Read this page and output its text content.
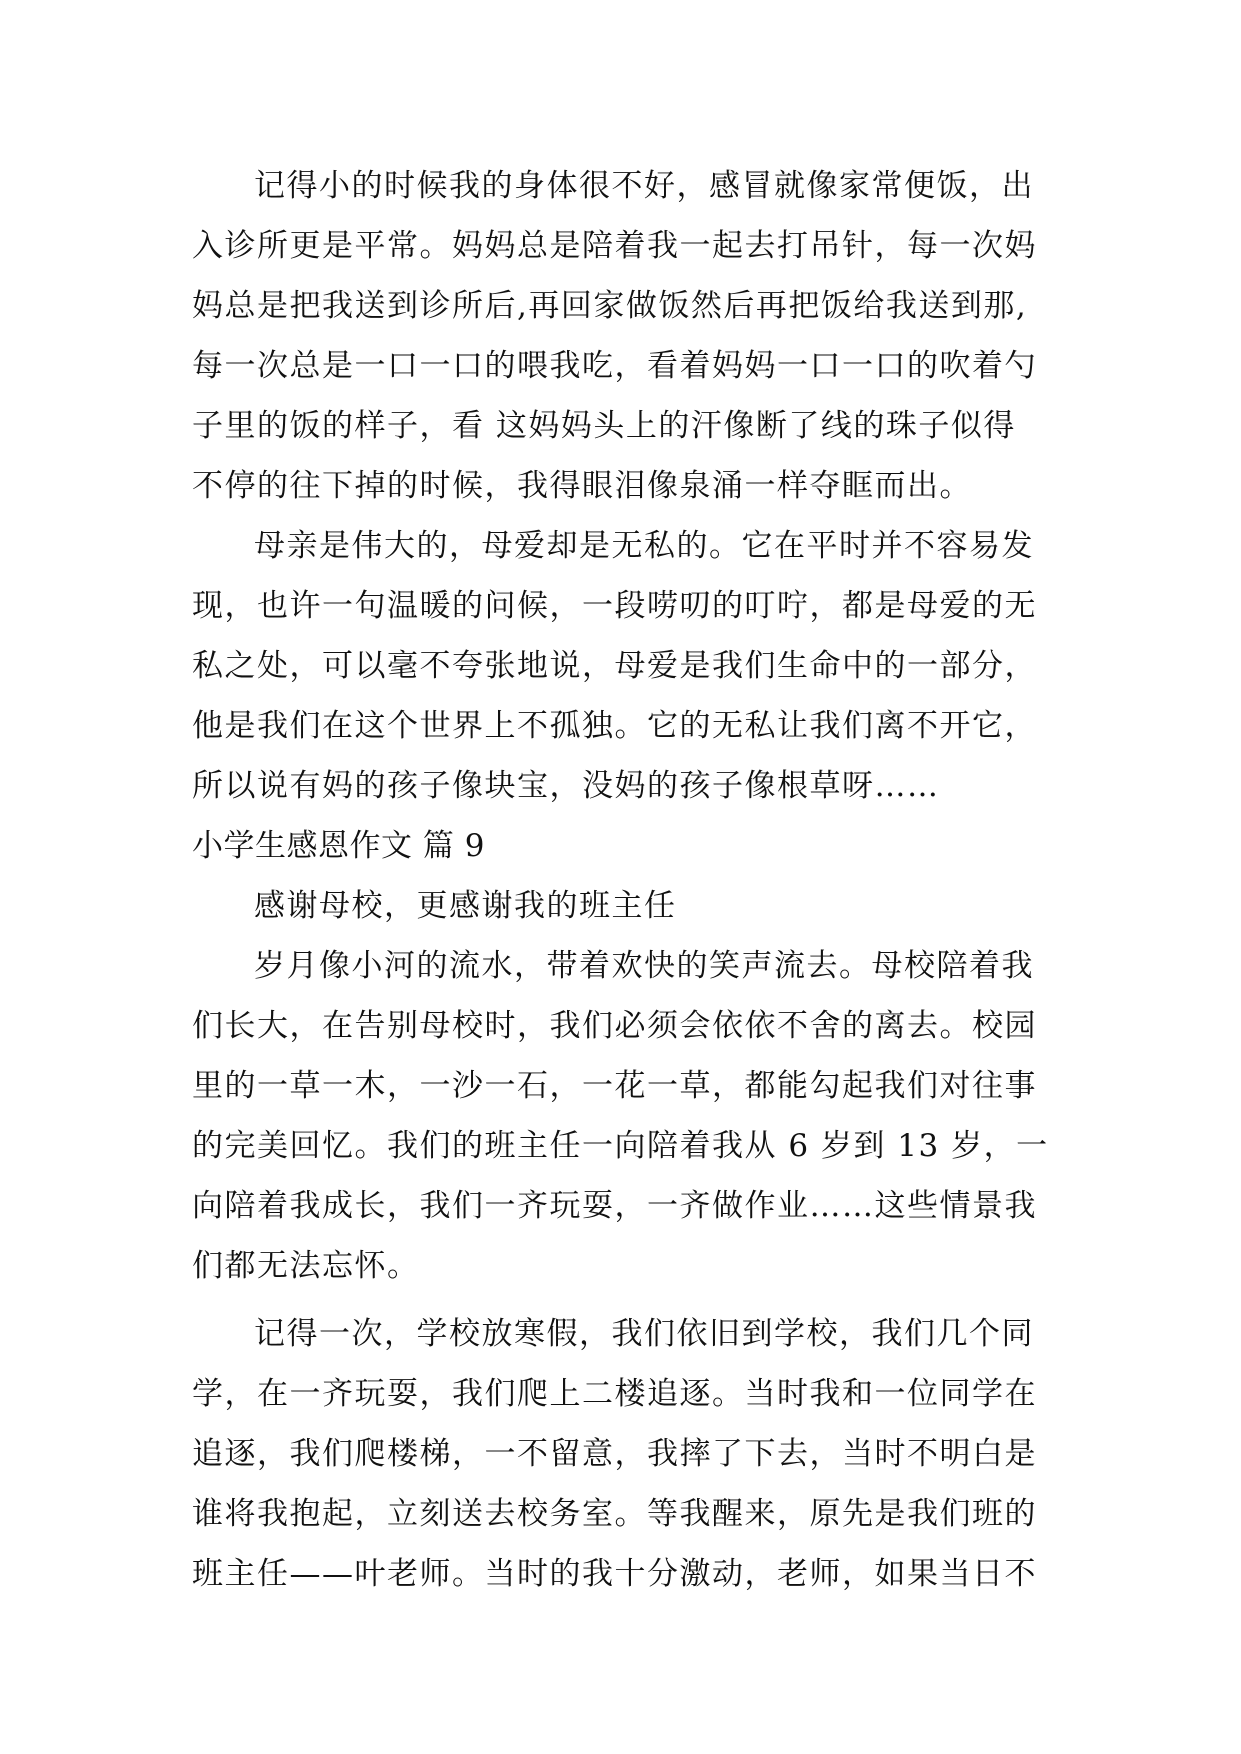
记得小的时候我的身体很不好，感冒就像家常便饭，出
入诊所更是平常。妈妈总是陪着我一起去打吊针，每一次妈
妈总是把我送到诊所后,再回家做饭然后再把饭给我送到那,
每一次总是一口一口的喂我吃，看着妈妈一口一口的吹着勺
子里的饭的样子，看 这妈妈头上的汗像断了线的珠子似得
不停的往下掉的时候，我得眼泪像泉涌一样夺眶而出。
母亲是伟大的，母爱却是无私的。它在平时并不容易发
现，也许一句温暖的问候，一段唠叨的叮咛，都是母爱的无
私之处，可以毫不夸张地说，母爱是我们生命中的一部分，
他是我们在这个世界上不孤独。它的无私让我们离不开它，
所以说有妈的孩子像块宝，没妈的孩子像根草呀……
小学生感恩作文 篇 9
感谢母校，更感谢我的班主任
岁月像小河的流水，带着欢快的笑声流去。母校陪着我
们长大，在告别母校时，我们必须会依依不舍的离去。校园
里的一草一木，一沙一石，一花一草，都能勾起我们对往事
的完美回忆。我们的班主任一向陪着我从 6 岁到 13 岁，一
向陪着我成长，我们一齐玩耍，一齐做作业……这些情景我
们都无法忘怀。
记得一次，学校放寒假，我们依旧到学校，我们几个同
学，在一齐玩耍，我们爬上二楼追逐。当时我和一位同学在
追逐，我们爬楼梯，一不留意，我摔了下去，当时不明白是
谁将我抱起，立刻送去校务室。等我醒来，原先是我们班的
班主任——叶老师。当时的我十分激动，老师，如果当日不
